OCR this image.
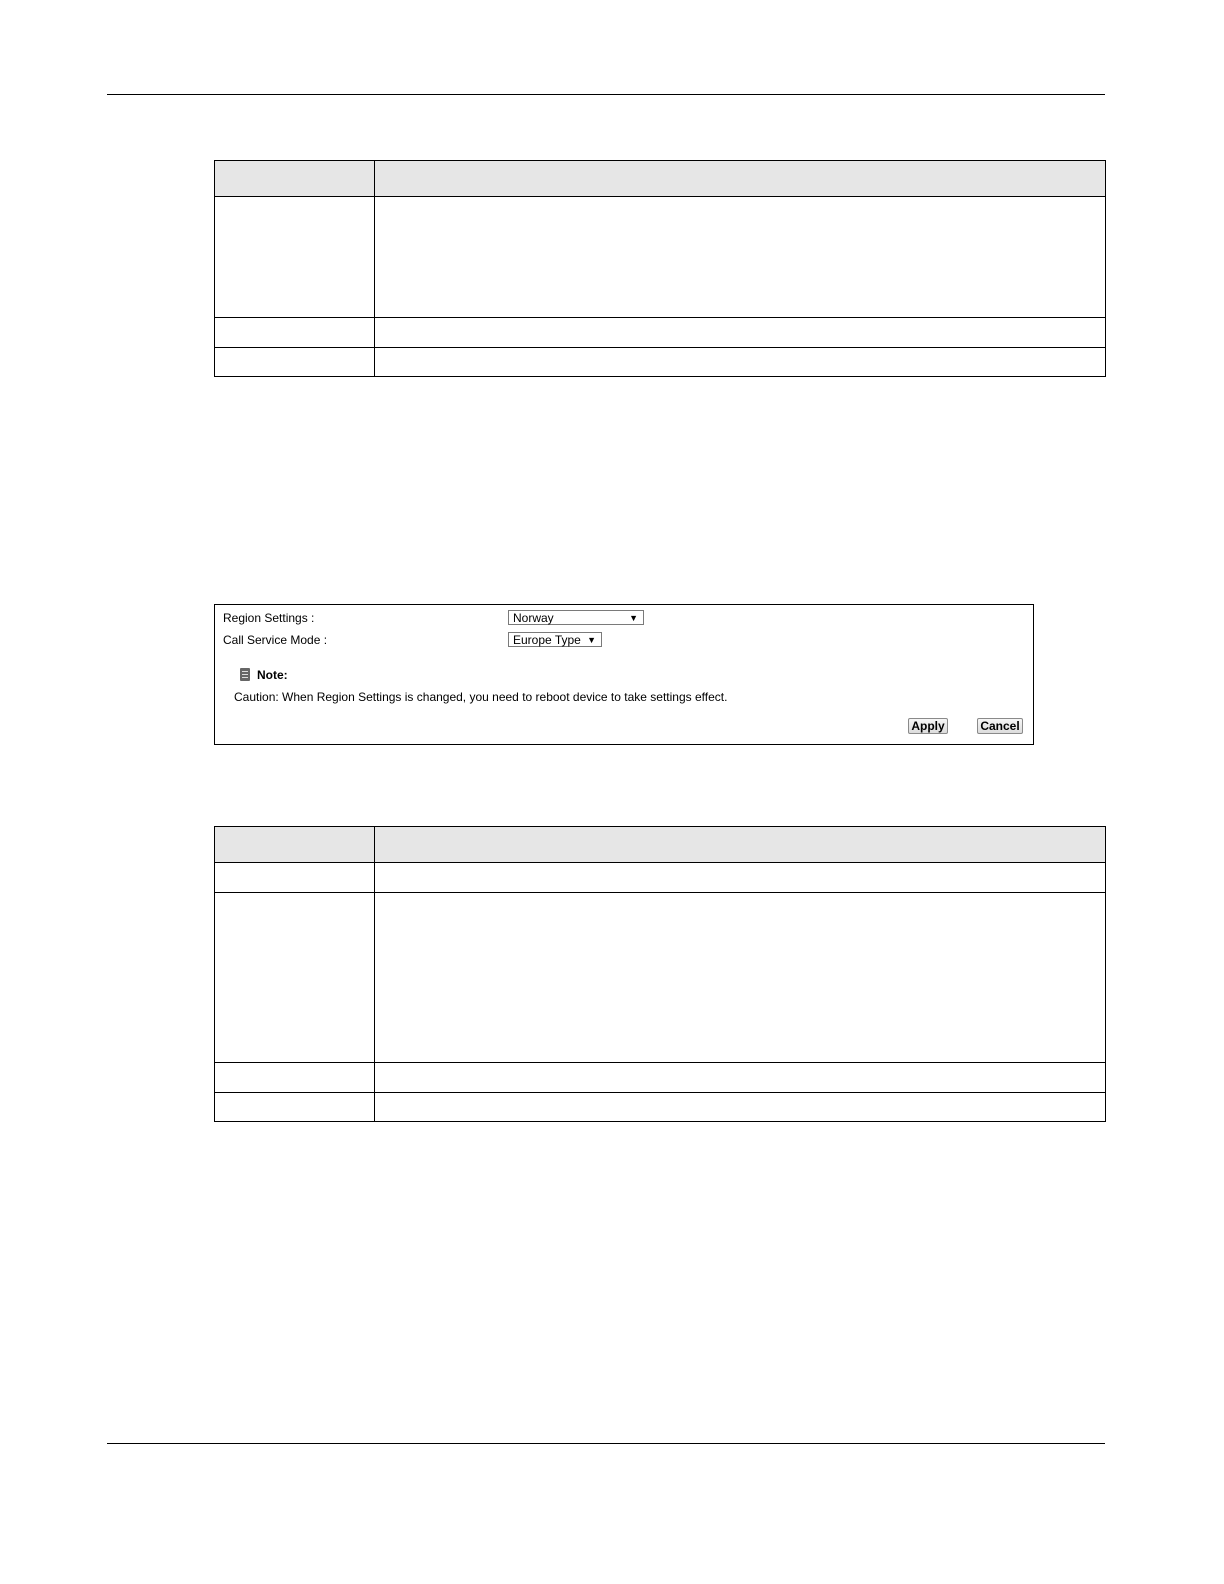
Region Settings :	Norway	▼
Call Service Mode :	Europe Type ▼
Note:
Caution: When Region Settings is changed, you need to reboot device to take settings effect.
Apply	Cancel
